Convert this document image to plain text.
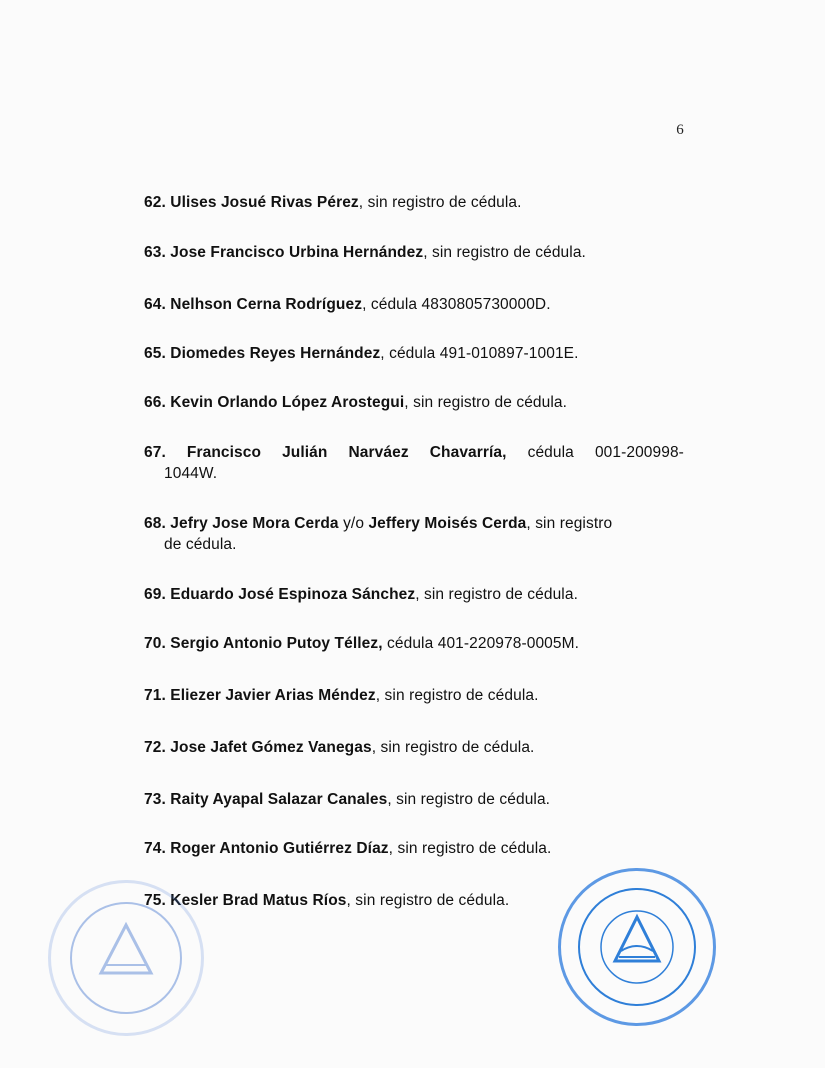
6
62. Ulises Josué Rivas Pérez, sin registro de cédula.
63. Jose Francisco Urbina Hernández, sin registro de cédula.
64. Nelhson Cerna Rodríguez, cédula 4830805730000D.
65. Diomedes Reyes Hernández, cédula 491-010897-1001E.
66. Kevin Orlando López Arostegui, sin registro de cédula.
67. Francisco Julián Narváez Chavarría, cédula 001-200998-
1044W.
68. Jefry Jose Mora Cerda y/o Jeffery Moisés Cerda, sin registro
de cédula.
69. Eduardo José Espinoza Sánchez, sin registro de cédula.
70. Sergio Antonio Putoy Téllez, cédula 401-220978-0005M.
71. Eliezer Javier Arias Méndez, sin registro de cédula.
72. Jose Jafet Gómez Vanegas, sin registro de cédula.
73. Raity Ayapal Salazar Canales, sin registro de cédula.
74. Roger Antonio Gutiérrez Díaz, sin registro de cédula.
75. Kesler Brad Matus Ríos, sin registro de cédula.
